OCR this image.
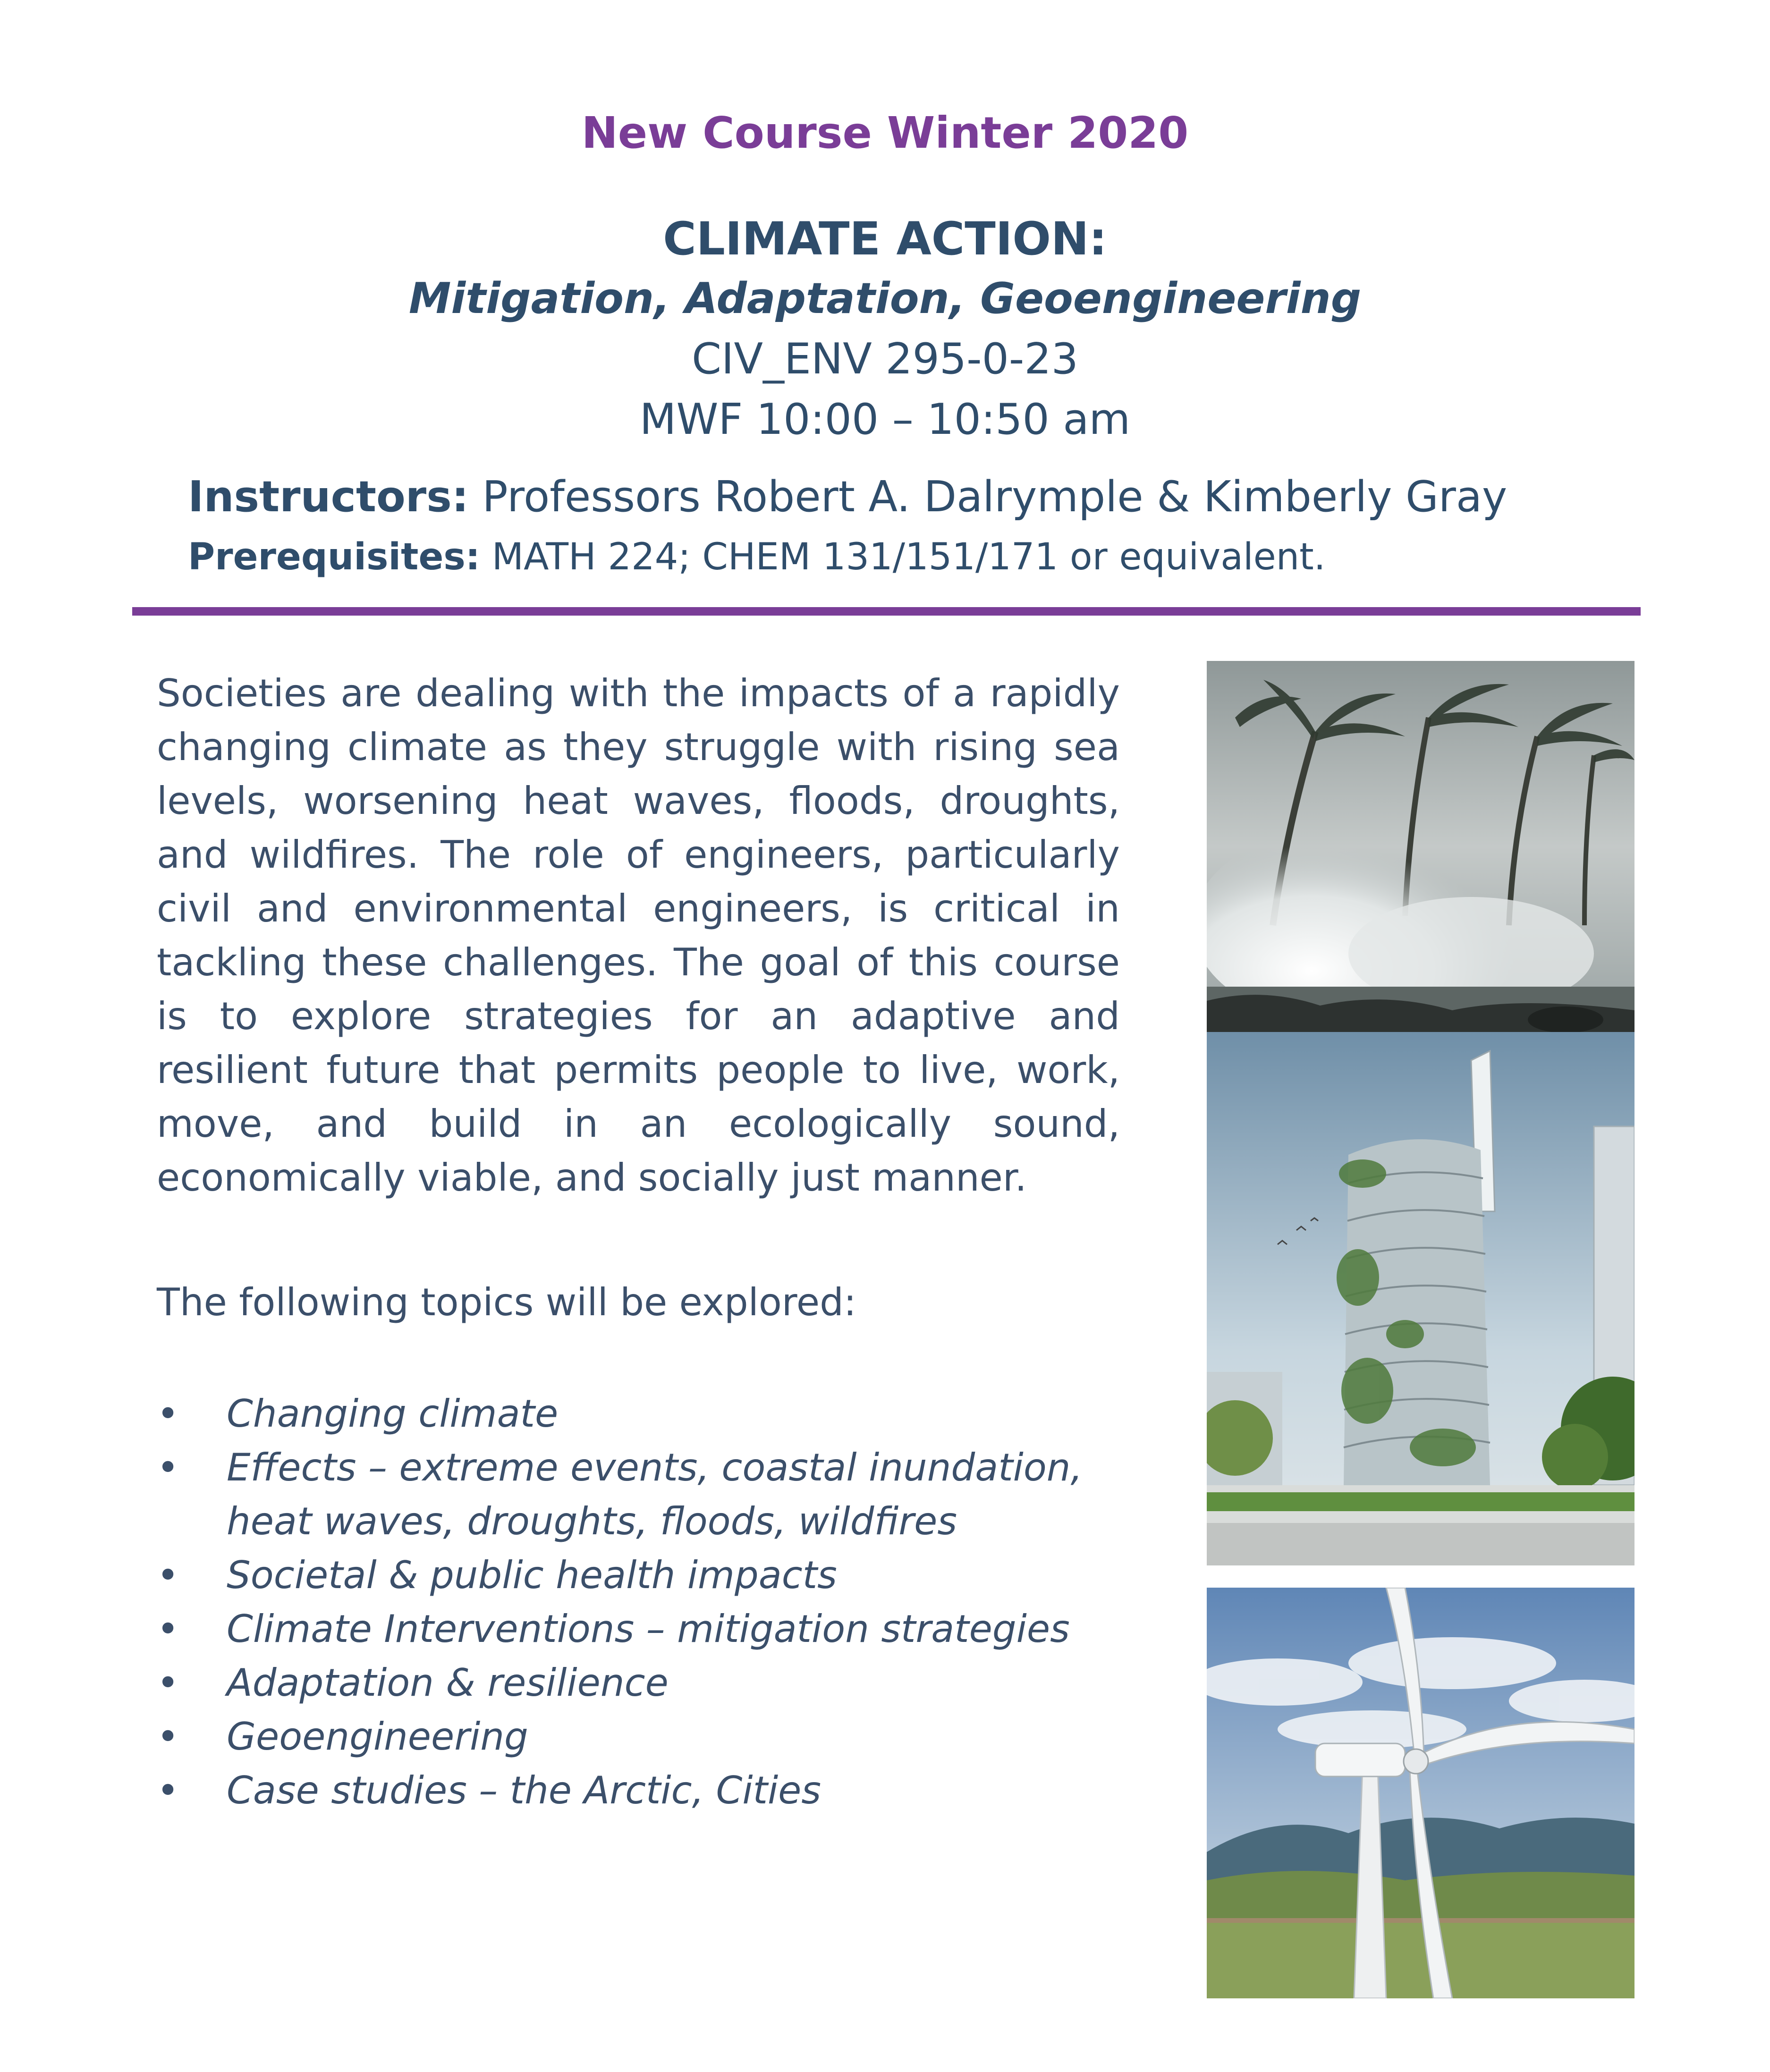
New Course Winter 2020
CLIMATE ACTION:
Mitigation, Adaptation, Geoengineering
CIV_ENV 295-0-23
MWF 10:00 – 10:50 am
Instructors: Professors Robert A. Dalrymple & Kimberly Gray
Prerequisites: MATH 224; CHEM 131/151/171 or equivalent.

Societies are dealing with the impacts of a rapidly changing climate as they struggle with rising sea levels, worsening heat waves, floods, droughts, and wildfires. The role of engineers, particularly civil and environmental engineers, is critical in tackling these challenges. The goal of this course is to explore strategies for an adaptive and resilient future that permits people to live, work, move, and build in an ecologically sound, economically viable, and socially just manner.

The following topics will be explored:

• Changing climate
• Effects – extreme events, coastal inundation, heat waves, droughts, floods, wildfires
• Societal & public health impacts
• Climate Interventions – mitigation strategies
• Adaptation & resilience
• Geoengineering
• Case studies – the Arctic, Cities
